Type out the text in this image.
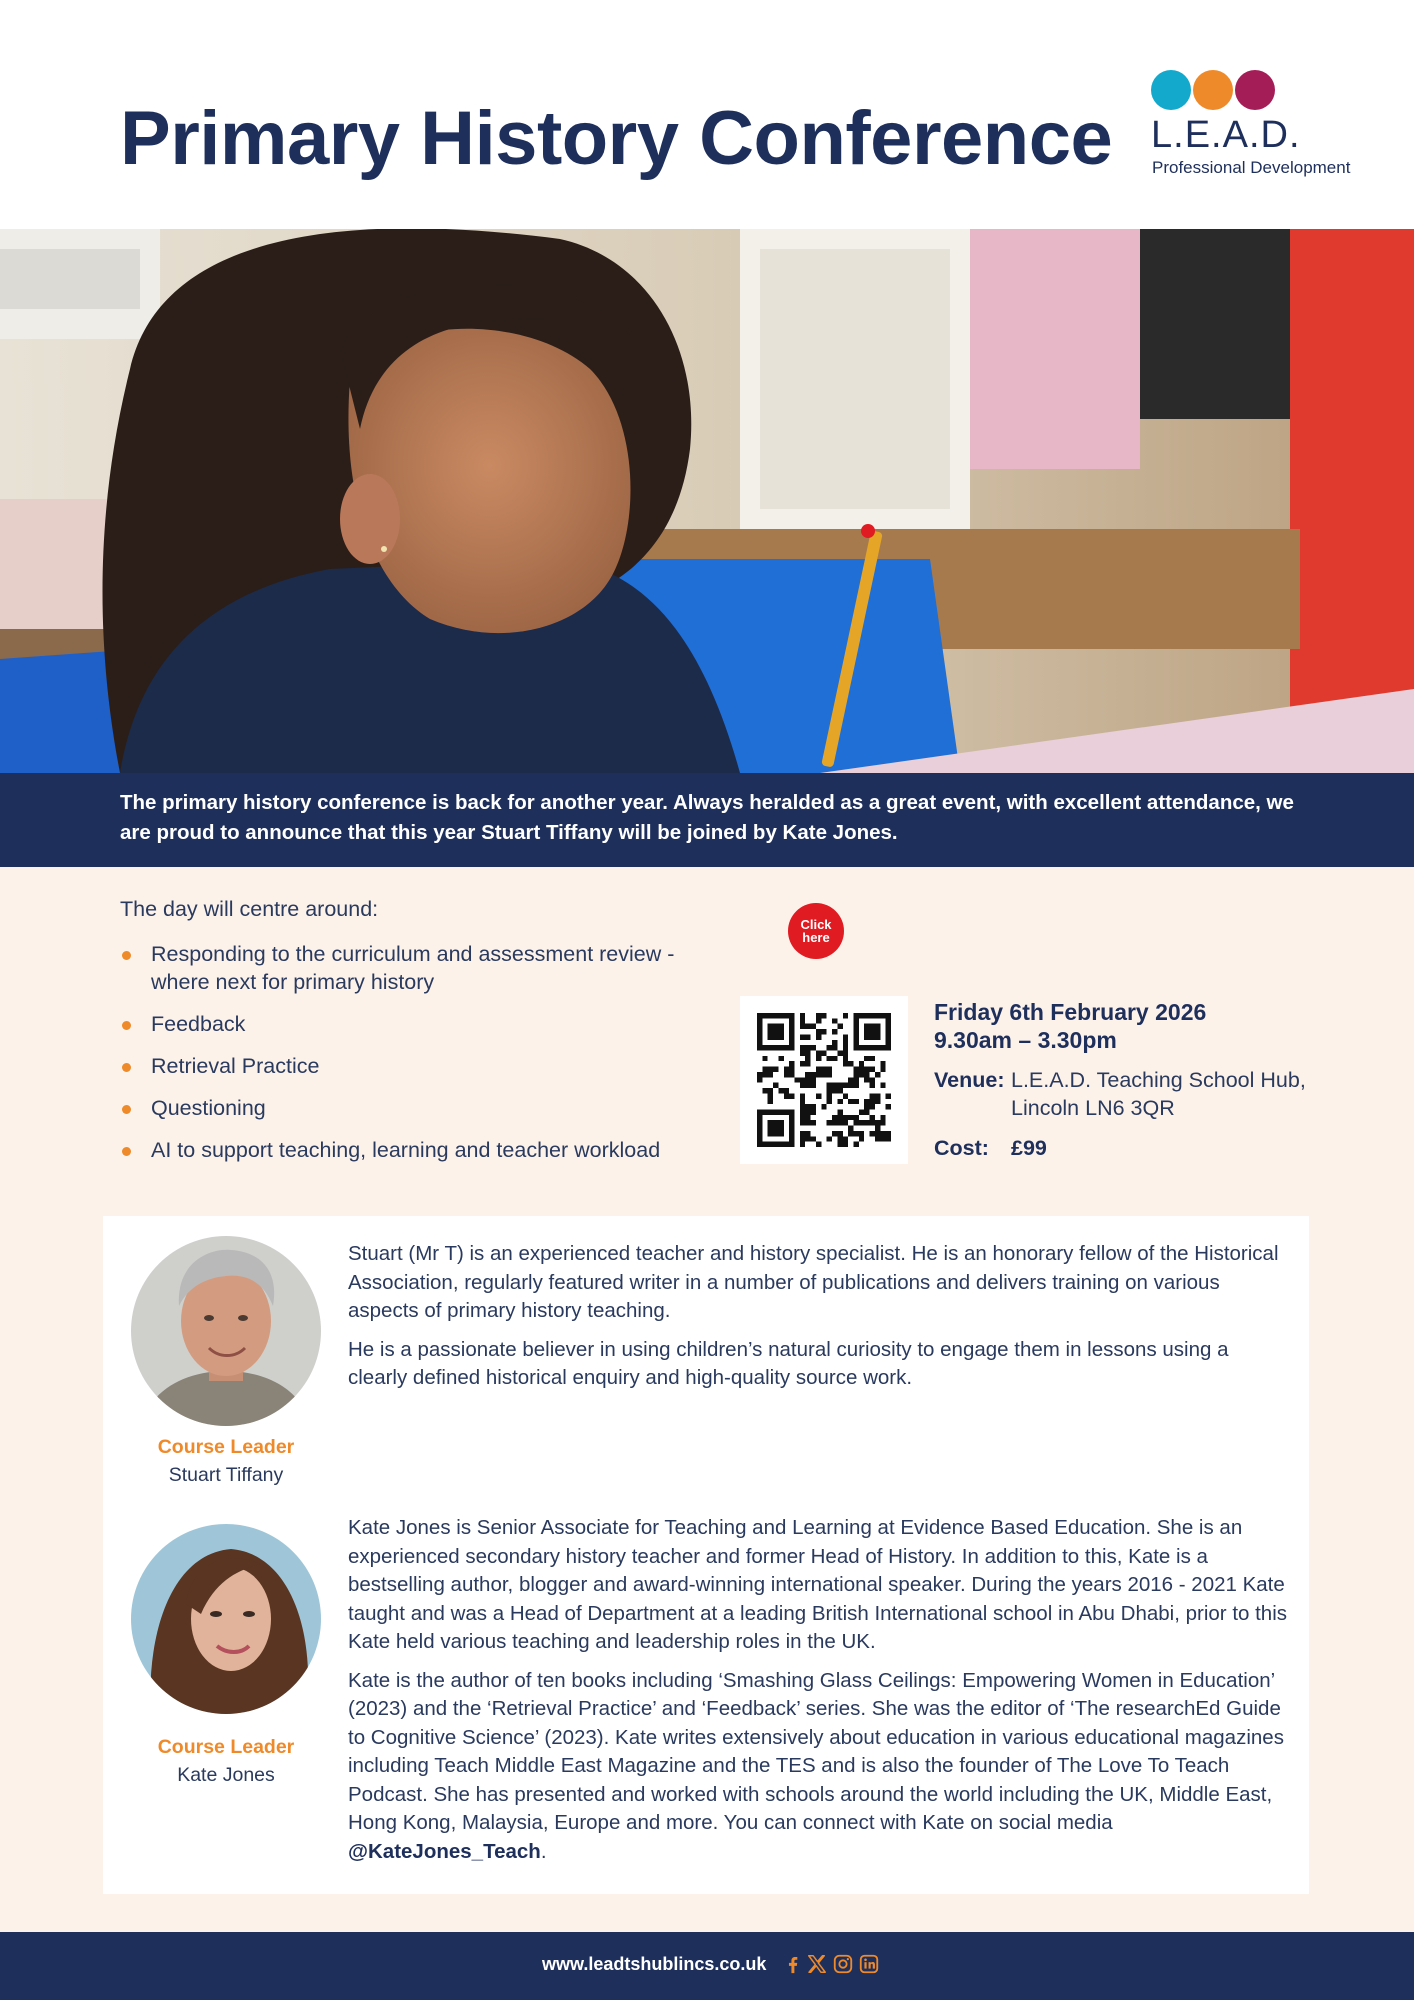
Primary History Conference L.E.A.D.
Professional Development

The primary history conference is back for another year. Always heralded as a great event, with excellent attendance, we are proud to announce that this year Stuart Tiffany will be joined by Kate Jones.

The day will centre around:
Responding to the curriculum and assessment review - where next for primary history
Feedback
Retrieval Practice
Questioning
AI to support teaching, learning and teacher workload
Click here
Friday 6th February 2026
9.30am – 3.30pm
Venue: L.E.A.D. Teaching School Hub,
Lincoln LN6 3QR
Cost: £99
Course Leader
Stuart Tiffany

Stuart (Mr T) is an experienced teacher and history specialist. He is an honorary fellow of the Historical Association, regularly featured writer in a number of publications and delivers training on various aspects of primary history teaching.

He is a passionate believer in using children’s natural curiosity to engage them in lessons using a clearly defined historical enquiry and high-quality source work.

Course Leader
Kate Jones

Kate Jones is Senior Associate for Teaching and Learning at Evidence Based Education. She is an experienced secondary history teacher and former Head of History. In addition to this, Kate is a bestselling author, blogger and award-winning international speaker. During the years 2016 - 2021 Kate taught and was a Head of Department at a leading British International school in Abu Dhabi, prior to this Kate held various teaching and leadership roles in the UK.

Kate is the author of ten books including ‘Smashing Glass Ceilings: Empowering Women in Education’ (2023) and the ‘Retrieval Practice’ and ‘Feedback’ series. She was the editor of ‘The researchEd Guide to Cognitive Science’ (2023). Kate writes extensively about education in various educational magazines including Teach Middle East Magazine and the TES and is also the founder of The Love To Teach Podcast. She has presented and worked with schools around the world including the UK, Middle East, Hong Kong, Malaysia, Europe and more. You can connect with Kate on social media @KateJones_Teach.

www.leadtshublincs.co.uk
